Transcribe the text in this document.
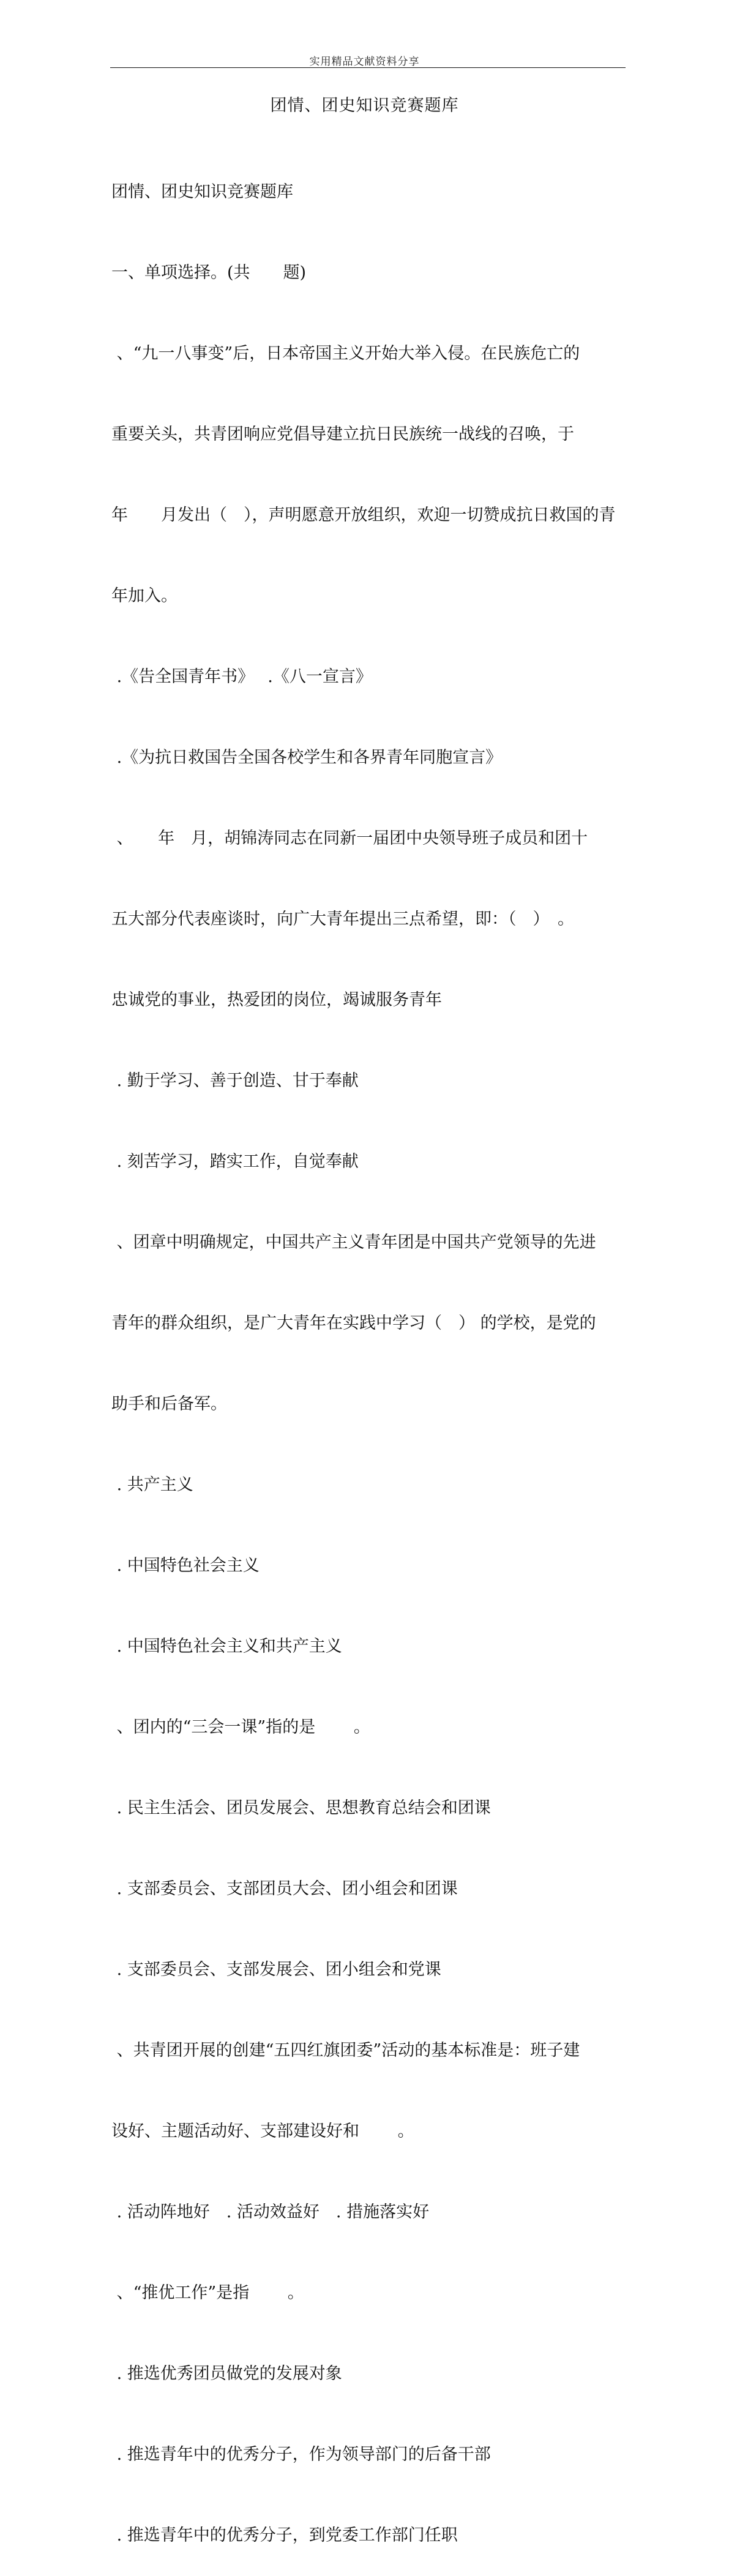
实用精品文献资料分享
团情、团史知识竞赛题库

团情、团史知识竞赛题库

一、单项选择。(共　　题)

、“九一八事变”后，日本帝国主义开始大举入侵。在民族危亡的

重要关头，共青团响应党倡导建立抗日民族统一战线的召唤，于

年　　月发出（　），声明愿意开放组织，欢迎一切赞成抗日救国的青

年加入。

.《告全国青年书》　 .《八一宣言》

.《为抗日救国告全国各校学生和各界青年同胞宣言》

、　　年　月，胡锦涛同志在同新一届团中央领导班子成员和团十

五大部分代表座谈时，向广大青年提出三点希望，即：（　）　。

忠诚党的事业，热爱团的岗位，竭诚服务青年

. 勤于学习、善于创造、甘于奉献

. 刻苦学习，踏实工作，自觉奉献

、团章中明确规定，中国共产主义青年团是中国共产党领导的先进

青年的群众组织，是广大青年在实践中学习（　） 的学校，是党的

助手和后备军。

. 共产主义

. 中国特色社会主义

. 中国特色社会主义和共产主义

、团内的“三会一课”指的是　　 。

. 民主生活会、团员发展会、思想教育总结会和团课

. 支部委员会、支部团员大会、团小组会和团课

. 支部委员会、支部发展会、团小组会和党课

、共青团开展的创建“五四红旗团委”活动的基本标准是：班子建

设好、主题活动好、支部建设好和　　 。

. 活动阵地好　. 活动效益好　. 措施落实好

、“推优工作”是指　　 。

. 推选优秀团员做党的发展对象

. 推选青年中的优秀分子，作为领导部门的后备干部

. 推选青年中的优秀分子，到党委工作部门任职
